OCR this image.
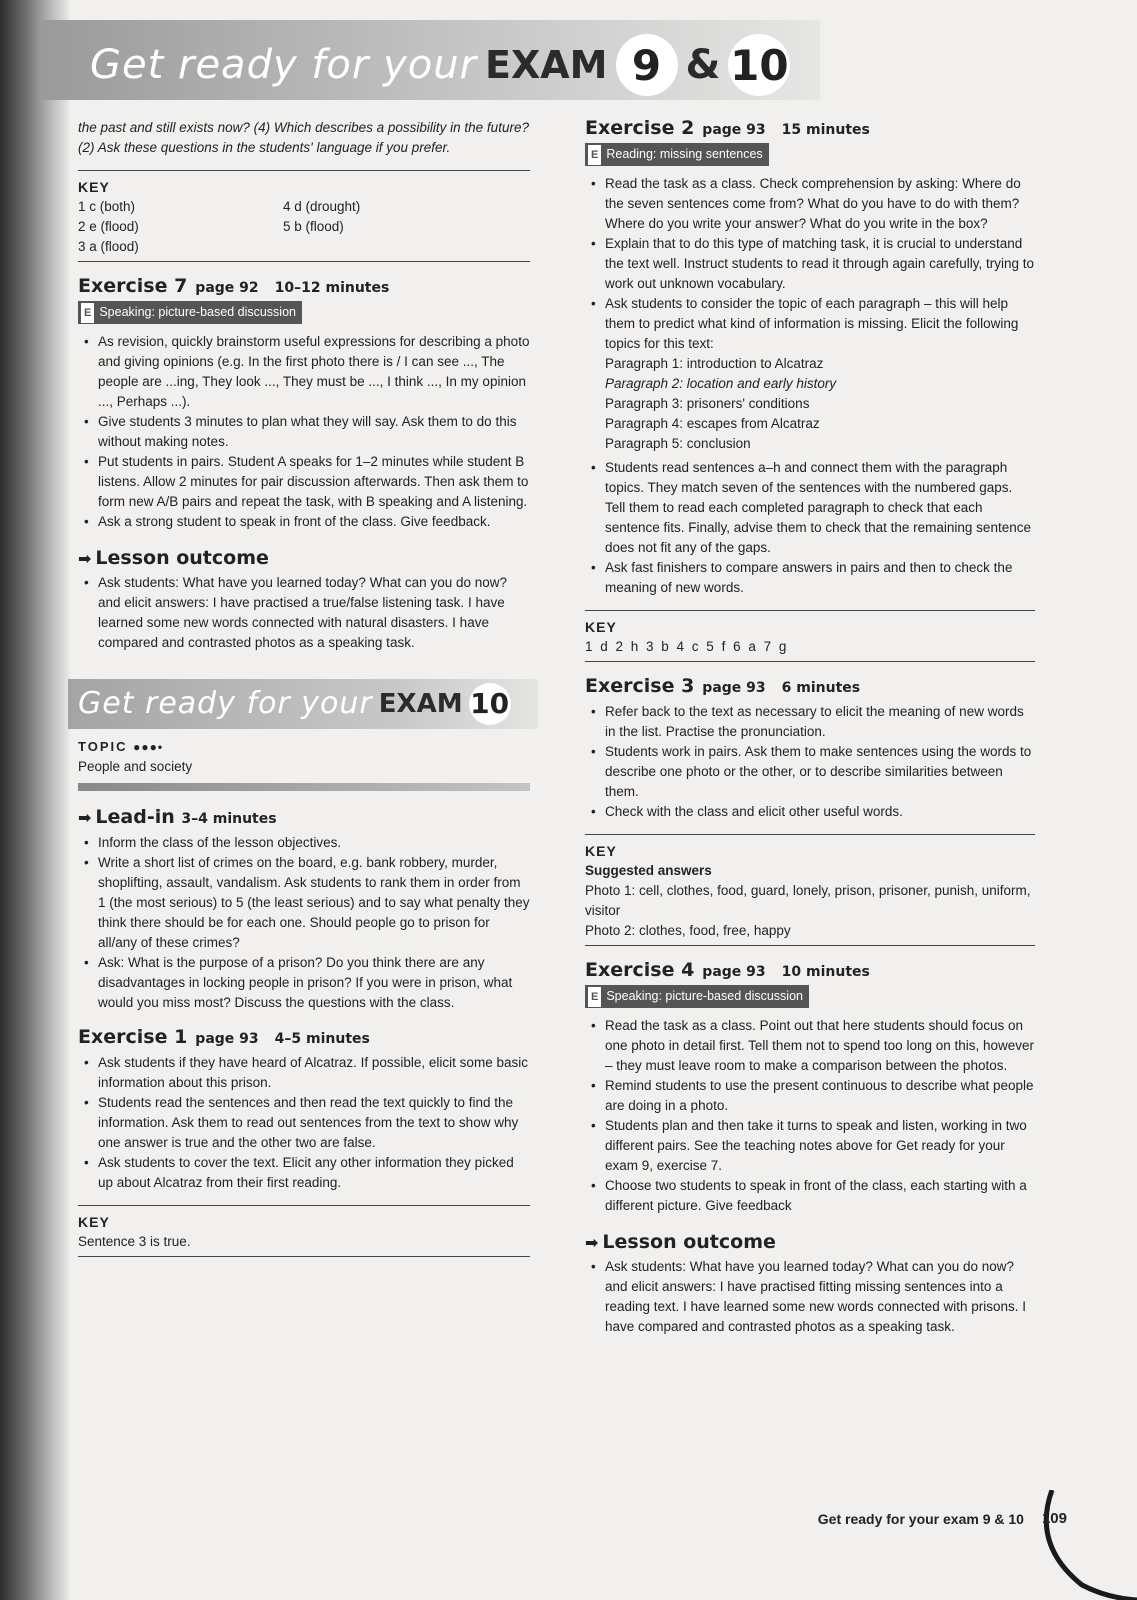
Get ready for your EXAM 9 & 10

the past and still exists now? (4) Which describes a possibility in the future? (2) Ask these questions in the students' language if you prefer.

KEY
1 c (both)	4 d (drought)
2 e (flood)	5 b (flood)
3 a (flood)
Exercise 7 page 92 10–12 minutes
E Speaking: picture-based discussion
• As revision, quickly brainstorm useful expressions for describing a photo and giving opinions (e.g. In the first photo there is / I can see ..., The people are ...ing, They look ..., They must be ..., I think ..., In my opinion ..., Perhaps ...).
• Give students 3 minutes to plan what they will say. Ask them to do this without making notes.
• Put students in pairs. Student A speaks for 1–2 minutes while student B listens. Allow 2 minutes for pair discussion afterwards. Then ask them to form new A/B pairs and repeat the task, with B speaking and A listening.
• Ask a strong student to speak in front of the class. Give feedback.
➡ Lesson outcome
• Ask students: What have you learned today? What can you do now? and elicit answers: I have practised a true/false listening task. I have learned some new words connected with natural disasters. I have compared and contrasted photos as a speaking task.
Get ready for your EXAM 10
TOPIC ●●●•
People and society
➡ Lead-in 3–4 minutes
• Inform the class of the lesson objectives.
• Write a short list of crimes on the board, e.g. bank robbery, murder, shoplifting, assault, vandalism. Ask students to rank them in order from 1 (the most serious) to 5 (the least serious) and to say what penalty they think there should be for each one. Should people go to prison for all/any of these crimes?
• Ask: What is the purpose of a prison? Do you think there are any disadvantages in locking people in prison? If you were in prison, what would you miss most? Discuss the questions with the class.
Exercise 1 page 93 4–5 minutes
• Ask students if they have heard of Alcatraz. If possible, elicit some basic information about this prison.
• Students read the sentences and then read the text quickly to find the information. Ask them to read out sentences from the text to show why one answer is true and the other two are false.
• Ask students to cover the text. Elicit any other information they picked up about Alcatraz from their first reading.
KEY
Sentence 3 is true.
Exercise 2 page 93 15 minutes
E Reading: missing sentences
• Read the task as a class. Check comprehension by asking: Where do the seven sentences come from? What do you have to do with them? Where do you write your answer? What do you write in the box?
• Explain that to do this type of matching task, it is crucial to understand the text well. Instruct students to read it through again carefully, trying to work out unknown vocabulary.
• Ask students to consider the topic of each paragraph – this will help them to predict what kind of information is missing. Elicit the following topics for this text:
Paragraph 1: introduction to Alcatraz
Paragraph 2: location and early history
Paragraph 3: prisoners' conditions
Paragraph 4: escapes from Alcatraz
Paragraph 5: conclusion
• Students read sentences a–h and connect them with the paragraph topics. They match seven of the sentences with the numbered gaps. Tell them to read each completed paragraph to check that each sentence fits. Finally, advise them to check that the remaining sentence does not fit any of the gaps.
• Ask fast finishers to compare answers in pairs and then to check the meaning of new words.
KEY
1 d 2 h 3 b 4 c 5 f 6 a 7 g
Exercise 3 page 93 6 minutes
• Refer back to the text as necessary to elicit the meaning of new words in the list. Practise the pronunciation.
• Students work in pairs. Ask them to make sentences using the words to describe one photo or the other, or to describe similarities between them.
• Check with the class and elicit other useful words.
KEY
Suggested answers
Photo 1: cell, clothes, food, guard, lonely, prison, prisoner, punish, uniform, visitor
Photo 2: clothes, food, free, happy
Exercise 4 page 93 10 minutes
E Speaking: picture-based discussion
• Read the task as a class. Point out that here students should focus on one photo in detail first. Tell them not to spend too long on this, however – they must leave room to make a comparison between the photos.
• Remind students to use the present continuous to describe what people are doing in a photo.
• Students plan and then take it turns to speak and listen, working in two different pairs. See the teaching notes above for Get ready for your exam 9, exercise 7.
• Choose two students to speak in front of the class, each starting with a different picture. Give feedback
➡ Lesson outcome
• Ask students: What have you learned today? What can you do now? and elicit answers: I have practised fitting missing sentences into a reading text. I have learned some new words connected with prisons. I have compared and contrasted photos as a speaking task.
Get ready for your exam 9 & 10 109
